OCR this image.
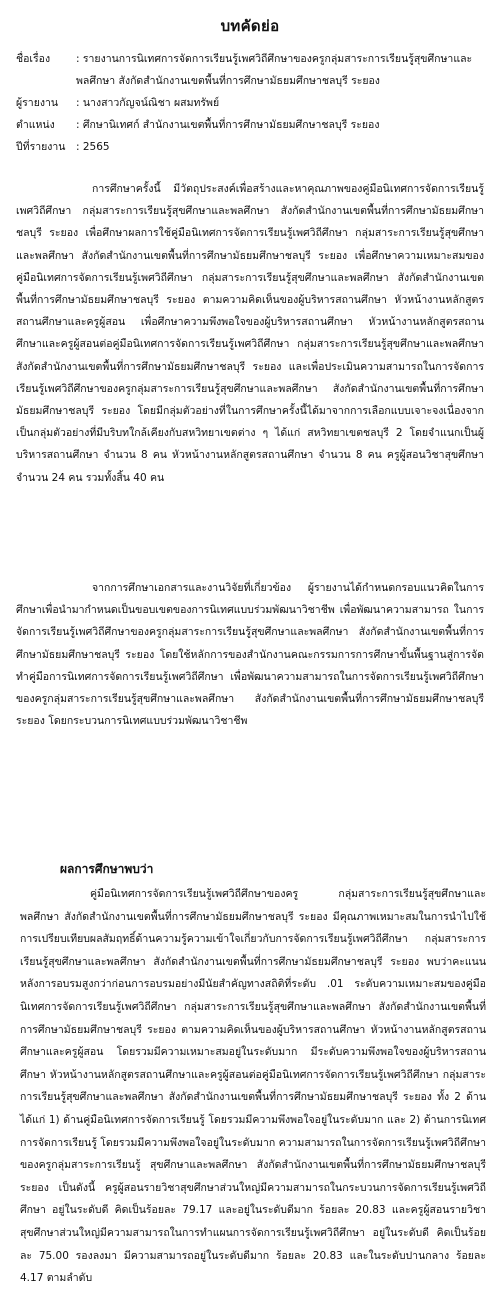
บทคัดย่อ
ชื่อเรื่อง	: รายงานการนิเทศการจัดการเรียนรู้เพศวิถีศึกษาของครูกลุ่มสาระการเรียนรู้สุขศึกษาและพลศึกษา สังกัดสำนักงานเขตพื้นที่การศึกษามัธยมศึกษาชลบุรี ระยอง
ผู้รายงาน	: นางสาวกัญจน์ณิชา ผสมทรัพย์
ตำแหน่ง	: ศึกษานิเทศก์ สำนักงานเขตพื้นที่การศึกษามัธยมศึกษาชลบุรี ระยอง
ปีที่รายงาน	: 2565

การศึกษาครั้งนี้ มีวัตถุประสงค์เพื่อสร้างและหาคุณภาพของคู่มือนิเทศการจัดการเรียนรู้เพศวิถีศึกษา กลุ่มสาระการเรียนรู้สุขศึกษาและพลศึกษา สังกัดสำนักงานเขตพื้นที่การศึกษามัธยมศึกษาชลบุรี ระยอง เพื่อศึกษาผลการใช้คู่มือนิเทศการจัดการเรียนรู้เพศวิถีศึกษา กลุ่มสาระการเรียนรู้สุขศึกษาและพลศึกษา สังกัดสำนักงานเขตพื้นที่การศึกษามัธยมศึกษาชลบุรี ระยอง เพื่อศึกษาความเหมาะสมของคู่มือนิเทศการจัดการเรียนรู้เพศวิถีศึกษา กลุ่มสาระการเรียนรู้สุขศึกษาและพลศึกษา สังกัดสำนักงานเขตพื้นที่การศึกษามัธยมศึกษาชลบุรี ระยอง ตามความคิดเห็นของผู้บริหารสถานศึกษา หัวหน้างานหลักสูตรสถานศึกษาและครูผู้สอน เพื่อศึกษาความพึงพอใจของผู้บริหารสถานศึกษา หัวหน้างานหลักสูตรสถานศึกษาและครูผู้สอนต่อคู่มือนิเทศการจัดการเรียนรู้เพศวิถีศึกษา กลุ่มสาระการเรียนรู้สุขศึกษาและพลศึกษา สังกัดสำนักงานเขตพื้นที่การศึกษามัธยมศึกษาชลบุรี ระยอง และเพื่อประเมินความสามารถในการจัดการเรียนรู้เพศวิถีศึกษาของครูกลุ่มสาระการเรียนรู้สุขศึกษาและพลศึกษา สังกัดสำนักงานเขตพื้นที่การศึกษามัธยมศึกษาชลบุรี ระยอง โดยมีกลุ่มตัวอย่างที่ในการศึกษาครั้งนี้ได้มาจากการเลือกแบบเจาะจงเนื่องจากเป็นกลุ่มตัวอย่างที่มีบริบทใกล้เคียงกับสหวิทยาเขตต่าง ๆ ได้แก่ สหวิทยาเขตชลบุรี 2 โดยจำแนกเป็นผู้บริหารสถานศึกษา จำนวน 8 คน หัวหน้างานหลักสูตรสถานศึกษา จำนวน 8 คน ครูผู้สอนวิชาสุขศึกษา จำนวน 24 คน รวมทั้งสิ้น 40 คน

จากการศึกษาเอกสารและงานวิจัยที่เกี่ยวข้อง ผู้รายงานได้กำหนดกรอบแนวคิดในการศึกษาเพื่อนำมากำหนดเป็นขอบเขตของการนิเทศแบบร่วมพัฒนาวิชาชีพ เพื่อพัฒนาความสามารถ ในการจัดการเรียนรู้เพศวิถีศึกษาของครูกลุ่มสาระการเรียนรู้สุขศึกษาและพลศึกษา สังกัดสำนักงานเขตพื้นที่การศึกษามัธยมศึกษาชลบุรี ระยอง โดยใช้หลักการของสำนักงานคณะกรรมการการศึกษาขั้นพื้นฐานสู่การจัดทำคู่มือการนิเทศการจัดการเรียนรู้เพศวิถีศึกษา เพื่อพัฒนาความสามารถในการจัดการเรียนรู้เพศวิถีศึกษาของครูกลุ่มสาระการเรียนรู้สุขศึกษาและพลศึกษา สังกัดสำนักงานเขตพื้นที่การศึกษามัธยมศึกษาชลบุรี ระยอง โดยกระบวนการนิเทศแบบร่วมพัฒนาวิชาชีพ

ผลการศึกษาพบว่า

คู่มือนิเทศการจัดการเรียนรู้เพศวิถีศึกษาของครู กลุ่มสาระการเรียนรู้สุขศึกษาและพลศึกษา สังกัดสำนักงานเขตพื้นที่การศึกษามัธยมศึกษาชลบุรี ระยอง มีคุณภาพเหมาะสมในการนำไปใช้ การเปรียบเทียบผลสัมฤทธิ์ด้านความรู้ความเข้าใจเกี่ยวกับการจัดการเรียนรู้เพศวิถีศึกษา กลุ่มสาระการเรียนรู้สุขศึกษาและพลศึกษา สังกัดสำนักงานเขตพื้นที่การศึกษามัธยมศึกษาชลบุรี ระยอง พบว่าคะแนนหลังการอบรมสูงกว่าก่อนการอบรมอย่างมีนัยสำคัญทางสถิติที่ระดับ .01 ระดับความเหมาะสมของคู่มือนิเทศการจัดการเรียนรู้เพศวิถีศึกษา กลุ่มสาระการเรียนรู้สุขศึกษาและพลศึกษา สังกัดสำนักงานเขตพื้นที่การศึกษามัธยมศึกษาชลบุรี ระยอง ตามความคิดเห็นของผู้บริหารสถานศึกษา หัวหน้างานหลักสูตรสถานศึกษาและครูผู้สอน โดยรวมมีความเหมาะสมอยู่ในระดับมาก มีระดับความพึงพอใจของผู้บริหารสถานศึกษา หัวหน้างานหลักสูตรสถานศึกษาและครูผู้สอนต่อคู่มือนิเทศการจัดการเรียนรู้เพศวิถีศึกษา กลุ่มสาระการเรียนรู้สุขศึกษาและพลศึกษา สังกัดสำนักงานเขตพื้นที่การศึกษามัธยมศึกษาชลบุรี ระยอง ทั้ง 2 ด้าน ได้แก่ 1) ด้านคู่มือนิเทศการจัดการเรียนรู้ โดยรวมมีความพึงพอใจอยู่ในระดับมาก และ 2) ด้านการนิเทศการจัดการเรียนรู้ โดยรวมมีความพึงพอใจอยู่ในระดับมาก ความสามารถในการจัดการเรียนรู้เพศวิถีศึกษาของครูกลุ่มสาระการเรียนรู้ สุขศึกษาและพลศึกษา สังกัดสำนักงานเขตพื้นที่การศึกษามัธยมศึกษาชลบุรี ระยอง เป็นดังนี้ ครูผู้สอนรายวิชาสุขศึกษาส่วนใหญ่มีความสามารถในกระบวนการจัดการเรียนรู้เพศวิถีศึกษา อยู่ในระดับดี คิดเป็นร้อยละ 79.17 และอยู่ในระดับดีมาก ร้อยละ 20.83 และครูผู้สอนรายวิชาสุขศึกษาส่วนใหญ่มีความสามารถในการทำแผนการจัดการเรียนรู้เพศวิถีศึกษา อยู่ในระดับดี คิดเป็นร้อยละ 75.00 รองลงมา มีความสามารถอยู่ในระดับดีมาก ร้อยละ 20.83 และในระดับปานกลาง ร้อยละ 4.17 ตามลำดับ
